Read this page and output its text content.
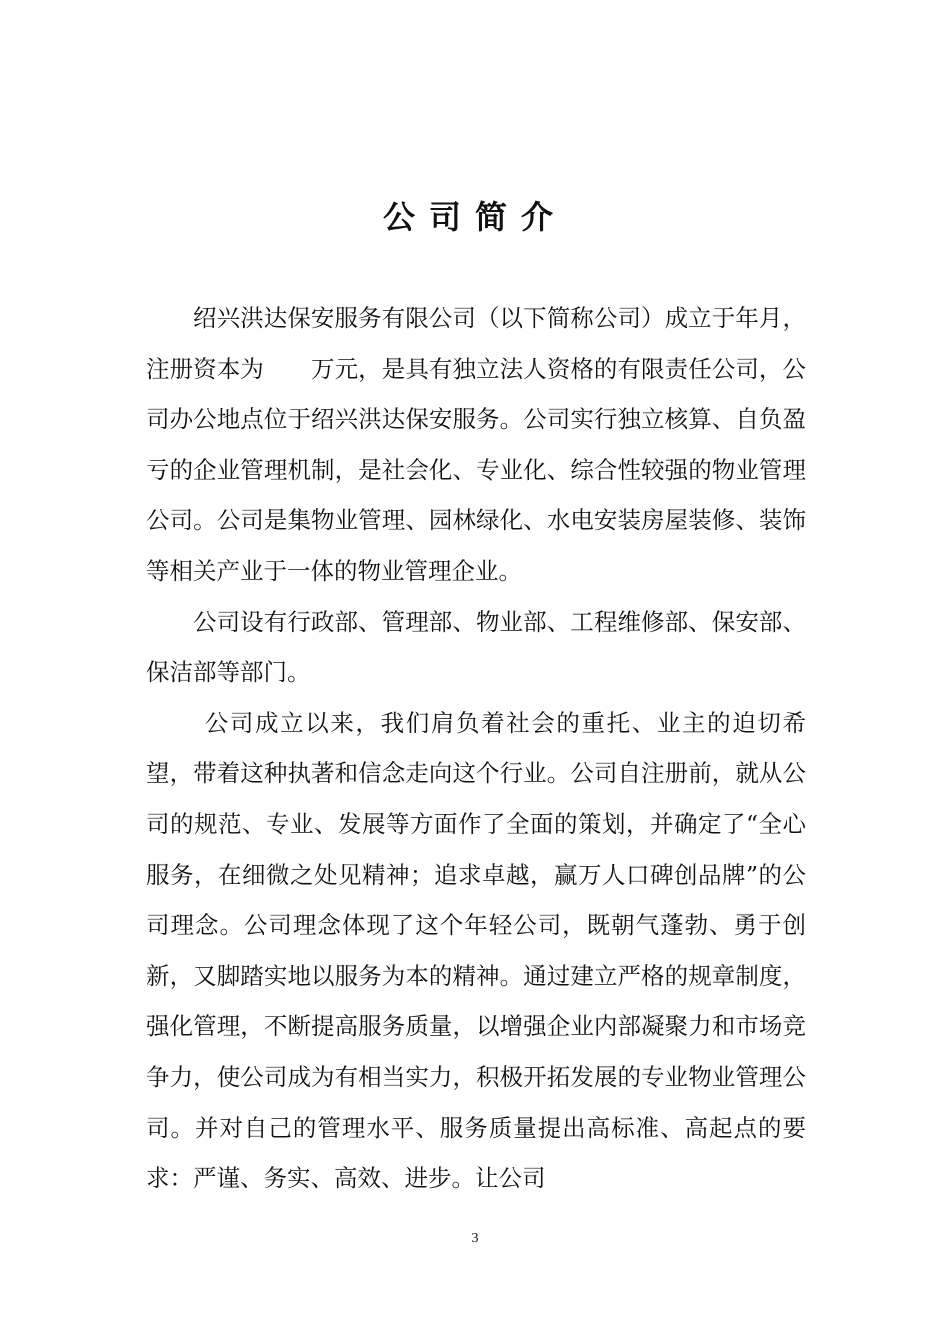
公司简介

绍兴洪达保安服务有限公司（以下简称公司）成立于年月，注册资本为　　万元，是具有独立法人资格的有限责任公司，公司办公地点位于绍兴洪达保安服务。公司实行独立核算、自负盈亏的企业管理机制，是社会化、专业化、综合性较强的物业管理公司。公司是集物业管理、园林绿化、水电安装房屋装修、装饰等相关产业于一体的物业管理企业。

公司设有行政部、管理部、物业部、工程维修部、保安部、保洁部等部门。

公司成立以来，我们肩负着社会的重托、业主的迫切希望，带着这种执著和信念走向这个行业。公司自注册前，就从公司的规范、专业、发展等方面作了全面的策划，并确定了“全心服务，在细微之处见精神；追求卓越，赢万人口碑创品牌”的公司理念。公司理念体现了这个年轻公司，既朝气蓬勃、勇于创新，又脚踏实地以服务为本的精神。通过建立严格的规章制度，强化管理，不断提高服务质量，以增强企业内部凝聚力和市场竞争力，使公司成为有相当实力，积极开拓发展的专业物业管理公司。并对自己的管理水平、服务质量提出高标准、高起点的要求：严谨、务实、高效、进步。让公司

3
